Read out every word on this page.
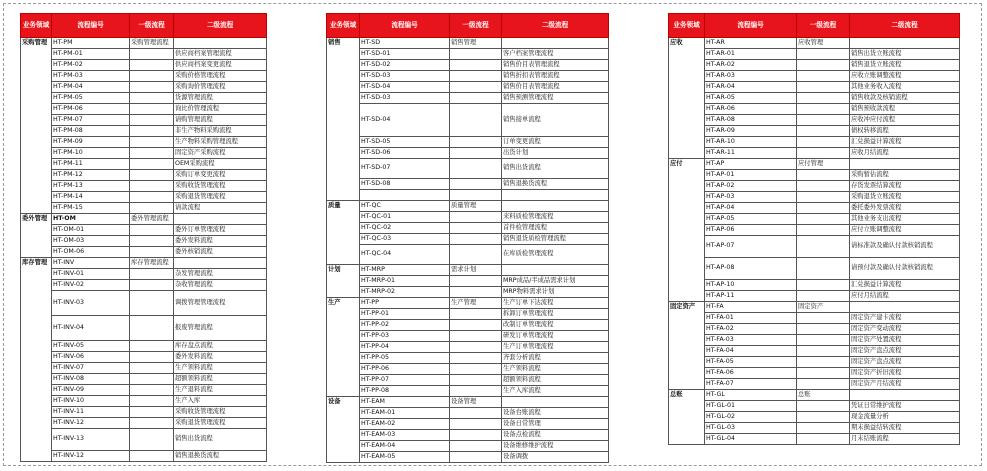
业务领域	流程编号	一级流程	二级流程
采购管理	HT-PM	采购管理流程	
	HT-PM-01		供应商档案管理流程
	HT-PM-02		供应商档案变更流程
	HT-PM-03		采购价格管理流程
	HT-PM-04		采购询价管理流程
	HT-PM-05		货源管理流程
	HT-PM-06		询比价管理流程
	HT-PM-07		请购管理流程
	HT-PM-08		非生产物料采购流程
	HT-PM-09		生产物料采购管理流程
	HT-PM-10		固定资产采购流程
	HT-PM-11		OEM采购流程
	HT-PM-12		采购订单变更流程
	HT-PM-13		采购收货管理流程
	HT-PM-14		采购退货管理流程
	HT-PM-15		请款流程
委外管理	HT-OM	委外管理流程	
	HT-OM-01		委外订单管理流程
	HT-OM-03		委外发料流程
	HT-OM-06		委外核销流程
库存管理	HT-INV	库存管理流程	
	HT-INV-01		杂发管理流程
	HT-INV-02		杂收管理流程
	HT-INV-03		调拨管理管理流程
	HT-INV-04		报废管理流程
	HT-INV-05		库存盘点流程
	HT-INV-06		委外发料流程
	HT-INV-07		生产领料流程
	HT-INV-08		超额领料流程
	HT-INV-09		生产退料流程
	HT-INV-10		生产入库
	HT-INV-11		采购收货管理流程
	HT-INV-12		采购退货管理流程
	HT-INV-13		销售出货流程
	HT-INV-12		销售退换货流程
业务领域	流程编号	一级流程	二级流程
销售	HT-SD	销售管理	
	HT-SD-01		客户档案管理流程
	HT-SD-02		销售价目表管理流程
	HT-SD-03		销售折扣表管理流程
	HT-SD-04		销售价目表管理流程
	HT-SD-03		销售预测管理流程
	HT-SD-04		销售接单流程
	HT-SD-05		订单变更流程
	HT-SD-06		出货计划
	HT-SD-07		销售出货流程
	HT-SD-08		销售退换货流程

质量	HT-QC	质量管理	
	HT-QC-01		来料质检管理流程
	HT-QC-02		首件检管理流程
	HT-QC-03		销售退货质检管理流程
	HT-QC-04		在库质检管理流程
计划	HT-MRP	需求计划	
	HT-MRP-01		MRP成品/半成品需求计划
	HT-MRP-02		MRP物料需求计划
生产	HT-PP	生产管理	生产订单下达流程
	HT-PP-01		拆卸订单管理流程
	HT-PP-02		改制订单管理流程
	HT-PP-03		研发订单管理流程
	HT-PP-04		生产订单管理流程
	HT-PP-05		齐套分析流程
	HT-PP-06		生产领料流程
	HT-PP-07		超额领料流程
	HT-PP-08		生产入库流程
设备	HT-EAM	设备管理	
	HT-EAM-01		设备台账流程
	HT-EAM-02		设备日常管理
	HT-EAM-03		设备点检流程
	HT-EAM-04		设备维修维护流程
	HT-EAM-05		设备调拨
业务领域	流程编号	一级流程	二级流程
应收	HT-AR	应收管理	
	HT-AR-01		销售出货立账流程
	HT-AR-02		销售退货立账流程
	HT-AR-03		应收立账调整流程
	HT-AR-04		其他业务收入流程
	HT-AR-05		销售收款及核销流程
	HT-AR-06		销售预收款流程
	HT-AR-08		应收冲应付流程
	HT-AR-09		债权转移流程
	HT-AR-10		汇兑损益计算流程
	HT-AR-11		应收月结流程
应付	HT-AP	应付管理	
	HT-AP-01		采购暂估流程
	HT-AP-02		存货发票结算流程
	HT-AP-03		采购退货立账流程
	HT-AP-04		委托委外发票流程
	HT-AP-05		其他业务支出流程
	HT-AP-06		应付立账调整流程
	HT-AP-07		请标准款及确认付款核销流程
	HT-AP-08		请预付款及确认付款核销流程
	HT-AP-10		汇兑损益计算流程
	HT-AP-11		应付月结流程
固定资产	HT-FA	固定资产	
	HT-FA-01		固定资产建卡流程
	HT-FA-02		固定资产变动流程
	HT-FA-03		固定资产处置流程
	HT-FA-04		固定资产盘点流程
	HT-FA-05		固定资产盘点流程
	HT-FA-06		固定资产折旧流程
	HT-FA-07		固定资产月结流程
总账	HT-GL	总账	
	HT-GL-01		凭证日常维护流程
	HT-GL-02		现金流量分析
	HT-GL-03		期末损益结转流程
	HT-GL-04		月末结账流程
